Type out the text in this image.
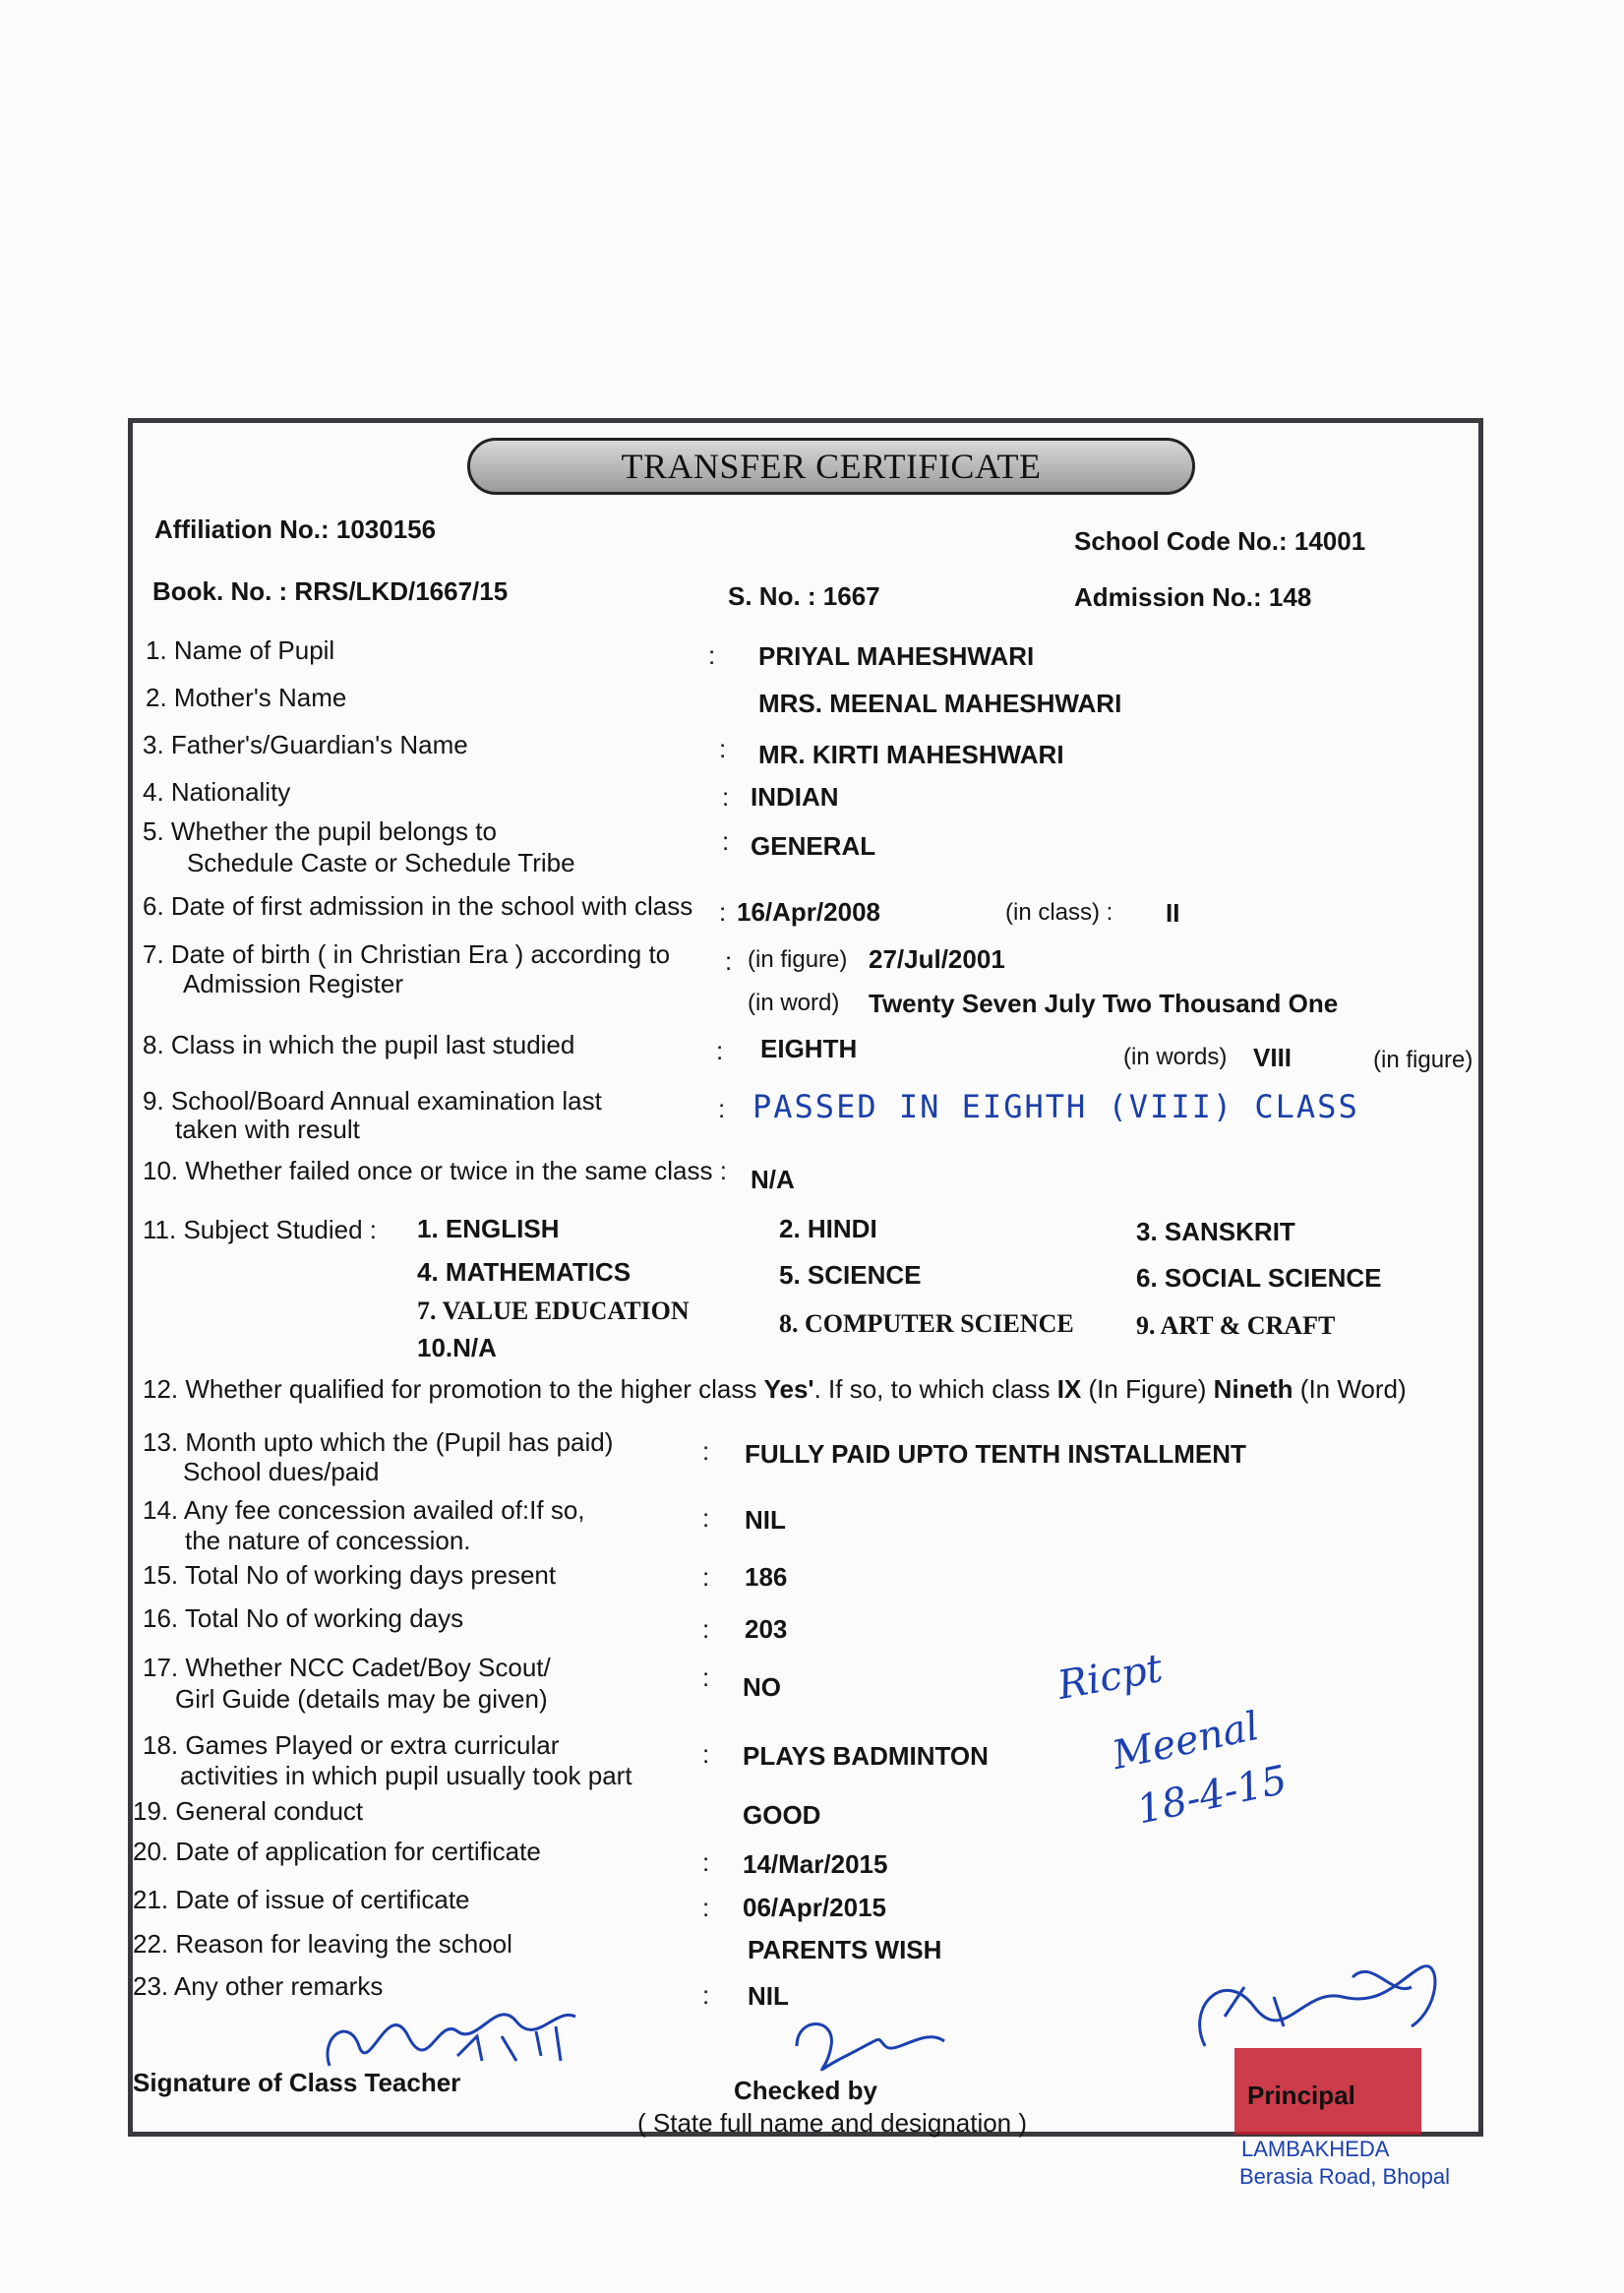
TRANSFER CERTIFICATE
Affiliation No.: 1030156	School Code No.: 14001
Book. No. : RRS/LKD/1667/15	S. No. : 1667	Admission No.: 148
1. Name of Pupil	: PRIYAL MAHESHWARI
2. Mother's Name	MRS. MEENAL MAHESHWARI
3. Father's/Guardian's Name	: MR. KIRTI MAHESHWARI
4. Nationality	: INDIAN
5. Whether the pupil belongs to
Schedule Caste or Schedule Tribe
: GENERAL
6. Date of first admission in the school with class : 16/Apr/2008	(in class) : II
7. Date of birth ( in Christian Era ) according to
Admission Register
: (in figure) 27/Jul/2001
(in word) Twenty Seven July Two Thousand One
8. Class in which the pupil last studied	: EIGHTH	(in words) VIII	(in figure)
9. School/Board Annual examination last
taken with result
: PASSED IN EIGHTH (VIII) CLASS
10. Whether failed once or twice in the same class : N/A
11. Subject Studied : 1. ENGLISH	2. HINDI	3. SANSKRIT
4. MATHEMATICS	5. SCIENCE	6. SOCIAL SCIENCE
7. VALUE EDUCATION	8. COMPUTER SCIENCE 9. ART & CRAFT
10.N/A
12. Whether qualified for promotion to the higher class Yes'. If so, to which class IX (In Figure) Nineth (In Word)
13. Month upto which the (Pupil has paid)
School dues/paid
: FULLY PAID UPTO TENTH INSTALLMENT
14. Any fee concession availed of:If so,
the nature of concession.
: NIL
15. Total No of working days present	: 186
16. Total No of working days	: 203
17. Whether NCC Cadet/Boy Scout/
Girl Guide (details may be given)
: NO
18. Games Played or extra curricular
activities in which pupil usually took part
: PLAYS BADMINTON
19. General conduct	GOOD
20. Date of application for certificate	: 14/Mar/2015
21. Date of issue of certificate	: 06/Apr/2015
22. Reason for leaving the school	PARENTS WISH
23. Any other remarks	: NIL
Signature of Class Teacher	Checked by
( State full name and designation )
Principal
LAMBAKHEDA
Berasia Road, Bhopal
Ricpt
Meenal
18-4-15
